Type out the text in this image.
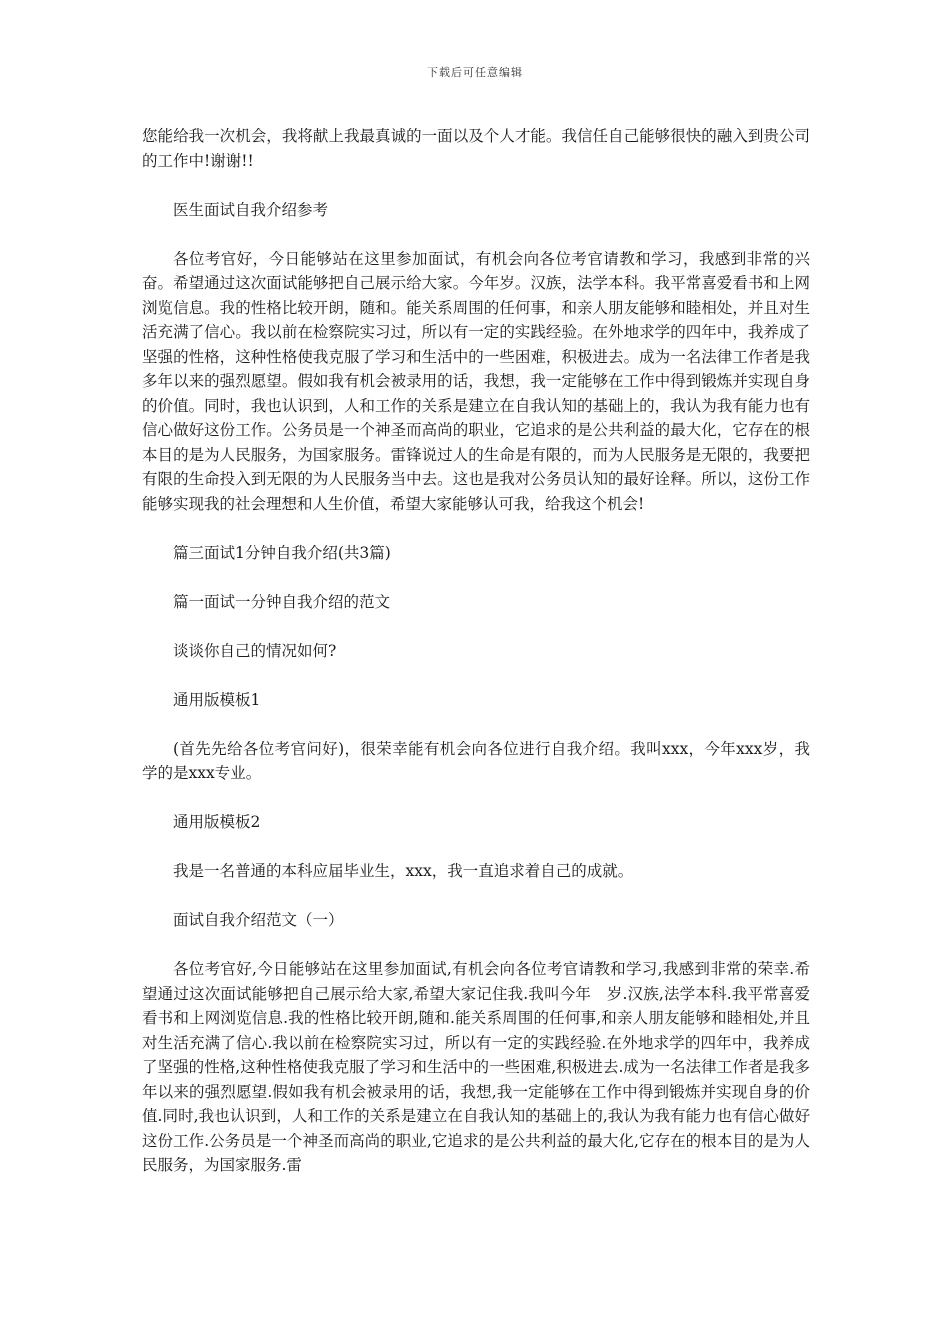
下载后可任意编辑

您能给我一次机会，我将献上我最真诚的一面以及个人才能。我信任自己能够很快的融入到贵公司的工作中!谢谢!!

医生面试自我介绍参考

各位考官好，今日能够站在这里参加面试，有机会向各位考官请教和学习，我感到非常的兴奋。希望通过这次面试能够把自己展示给大家。今年岁。汉族，法学本科。我平常喜爱看书和上网浏览信息。我的性格比较开朗，随和。能关系周围的任何事，和亲人朋友能够和睦相处，并且对生活充满了信心。我以前在检察院实习过，所以有一定的实践经验。在外地求学的四年中，我养成了坚强的性格，这种性格使我克服了学习和生活中的一些困难，积极进去。成为一名法律工作者是我多年以来的强烈愿望。假如我有机会被录用的话，我想，我一定能够在工作中得到锻炼并实现自身的价值。同时，我也认识到，人和工作的关系是建立在自我认知的基础上的，我认为我有能力也有信心做好这份工作。公务员是一个神圣而高尚的职业，它追求的是公共利益的最大化，它存在的根本目的是为人民服务，为国家服务。雷锋说过人的生命是有限的，而为人民服务是无限的，我要把有限的生命投入到无限的为人民服务当中去。这也是我对公务员认知的最好诠释。所以，这份工作能够实现我的社会理想和人生价值，希望大家能够认可我，给我这个机会!

篇三面试1分钟自我介绍(共3篇)

篇一面试一分钟自我介绍的范文

谈谈你自己的情况如何?

通用版模板1

(首先先给各位考官问好)，很荣幸能有机会向各位进行自我介绍。我叫xxx，今年xxx岁，我学的是xxx专业。

通用版模板2

我是一名普通的本科应届毕业生，xxx，我一直追求着自己的成就。

面试自我介绍范文（一）

各位考官好,今日能够站在这里参加面试,有机会向各位考官请教和学习,我感到非常的荣幸.希望通过这次面试能够把自己展示给大家,希望大家记住我.我叫今年　岁.汉族,法学本科.我平常喜爱看书和上网浏览信息.我的性格比较开朗,随和.能关系周围的任何事,和亲人朋友能够和睦相处,并且对生活充满了信心.我以前在检察院实习过，所以有一定的实践经验.在外地求学的四年中，我养成了坚强的性格,这种性格使我克服了学习和生活中的一些困难,积极进去.成为一名法律工作者是我多年以来的强烈愿望.假如我有机会被录用的话，我想,我一定能够在工作中得到锻炼并实现自身的价值.同时,我也认识到，人和工作的关系是建立在自我认知的基础上的,我认为我有能力也有信心做好这份工作.公务员是一个神圣而高尚的职业,它追求的是公共利益的最大化,它存在的根本目的是为人民服务，为国家服务.雷
